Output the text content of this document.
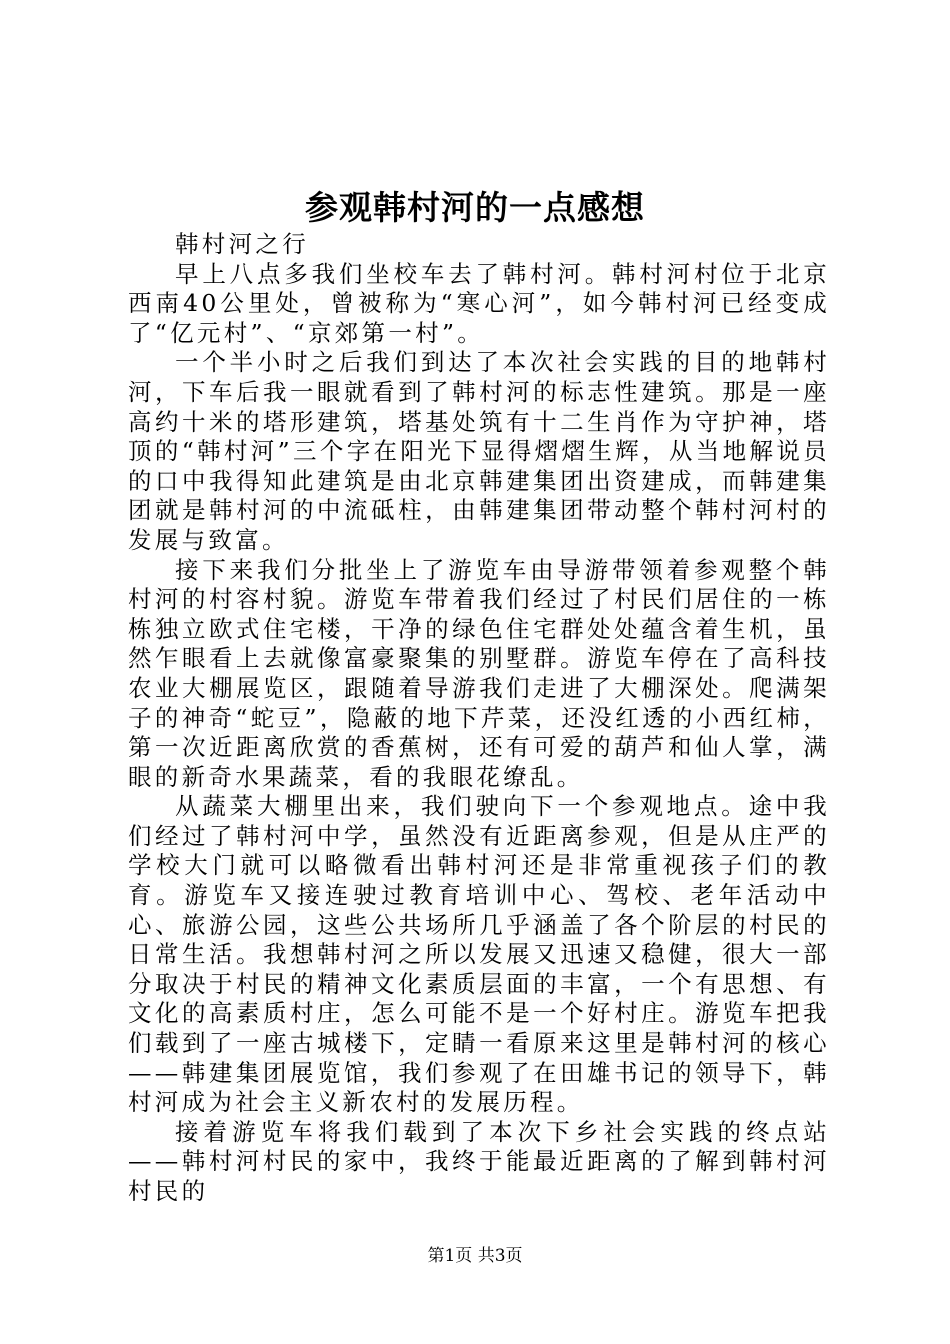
参观韩村河的一点感想

韩村河之行

早上八点多我们坐校车去了韩村河。韩村河村位于北京西南40公里处，曾被称为“寒心河”，如今韩村河已经变成了“亿元村”、“京郊第一村”。

一个半小时之后我们到达了本次社会实践的目的地韩村河，下车后我一眼就看到了韩村河的标志性建筑。那是一座高约十米的塔形建筑，塔基处筑有十二生肖作为守护神，塔顶的“韩村河”三个字在阳光下显得熠熠生辉，从当地解说员的口中我得知此建筑是由北京韩建集团出资建成，而韩建集团就是韩村河的中流砥柱，由韩建集团带动整个韩村河村的发展与致富。

接下来我们分批坐上了游览车由导游带领着参观整个韩村河的村容村貌。游览车带着我们经过了村民们居住的一栋栋独立欧式住宅楼，干净的绿色住宅群处处蕴含着生机，虽然乍眼看上去就像富豪聚集的别墅群。游览车停在了高科技农业大棚展览区，跟随着导游我们走进了大棚深处。爬满架子的神奇“蛇豆”，隐蔽的地下芹菜，还没红透的小西红柿，第一次近距离欣赏的香蕉树，还有可爱的葫芦和仙人掌，满眼的新奇水果蔬菜，看的我眼花缭乱。

从蔬菜大棚里出来，我们驶向下一个参观地点。途中我们经过了韩村河中学，虽然没有近距离参观，但是从庄严的学校大门就可以略微看出韩村河还是非常重视孩子们的教育。游览车又接连驶过教育培训中心、驾校、老年活动中心、旅游公园，这些公共场所几乎涵盖了各个阶层的村民的日常生活。我想韩村河之所以发展又迅速又稳健，很大一部分取决于村民的精神文化素质层面的丰富，一个有思想、有文化的高素质村庄，怎么可能不是一个好村庄。游览车把我们载到了一座古城楼下，定睛一看原来这里是韩村河的核心——韩建集团展览馆，我们参观了在田雄书记的领导下，韩村河成为社会主义新农村的发展历程。

接着游览车将我们载到了本次下乡社会实践的终点站——韩村河村民的家中，我终于能最近距离的了解到韩村河村民的

第1页 共3页
